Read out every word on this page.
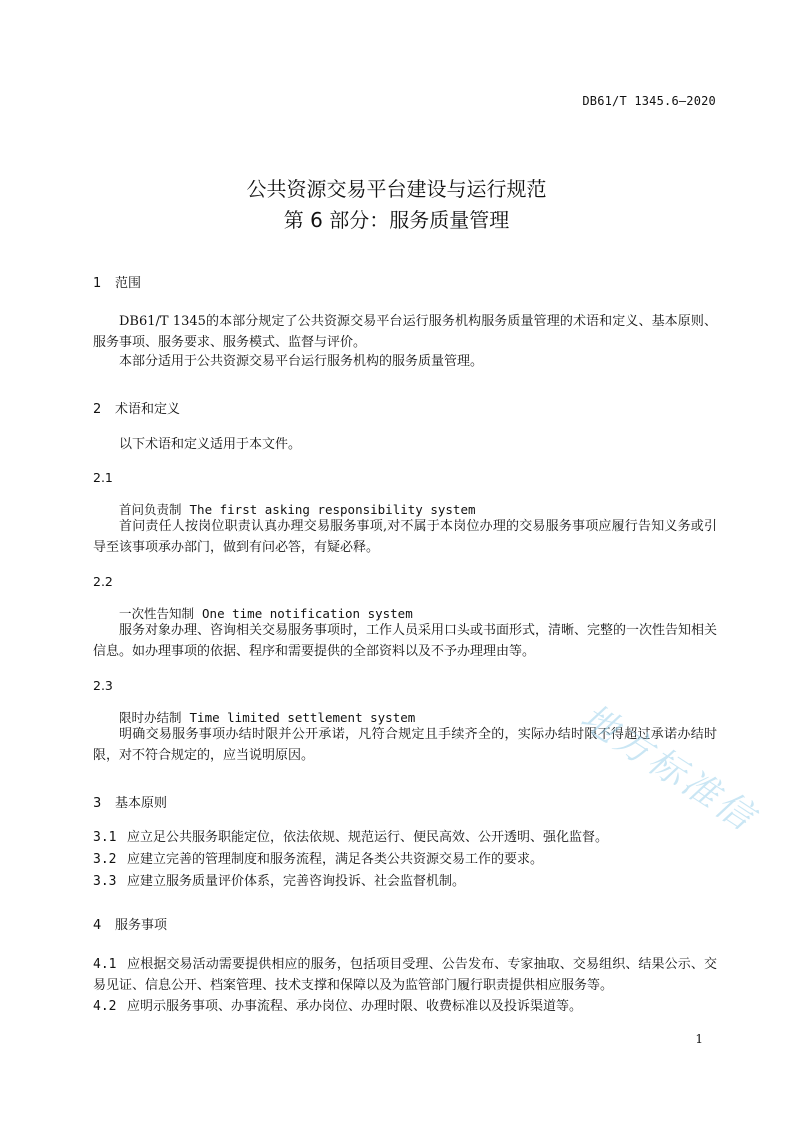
DB61/T 1345.6—2020
公共资源交易平台建设与运行规范
第 6 部分：服务质量管理
1 范围
DB61/T 1345的本部分规定了公共资源交易平台运行服务机构服务质量管理的术语和定义、基本原则、服务事项、服务要求、服务模式、监督与评价。
本部分适用于公共资源交易平台运行服务机构的服务质量管理。
2 术语和定义
以下术语和定义适用于本文件。
2.1
首问负责制 The first asking responsibility system
首问责任人按岗位职责认真办理交易服务事项,对不属于本岗位办理的交易服务事项应履行告知义务或引导至该事项承办部门，做到有问必答，有疑必释。
2.2
一次性告知制 One time notification system
服务对象办理、咨询相关交易服务事项时，工作人员采用口头或书面形式，清晰、完整的一次性告知相关信息。如办理事项的依据、程序和需要提供的全部资料以及不予办理理由等。
2.3
限时办结制 Time limited settlement system
明确交易服务事项办结时限并公开承诺，凡符合规定且手续齐全的，实际办结时限不得超过承诺办结时限，对不符合规定的，应当说明原因。
3 基本原则
3.1 应立足公共服务职能定位，依法依规、规范运行、便民高效、公开透明、强化监督。
3.2 应建立完善的管理制度和服务流程，满足各类公共资源交易工作的要求。
3.3 应建立服务质量评价体系，完善咨询投诉、社会监督机制。
4 服务事项
4.1 应根据交易活动需要提供相应的服务，包括项目受理、公告发布、专家抽取、交易组织、结果公示、交易见证、信息公开、档案管理、技术支撑和保障以及为监管部门履行职责提供相应服务等。
4.2 应明示服务事项、办事流程、承办岗位、办理时限、收费标准以及投诉渠道等。
1
地方标准信
